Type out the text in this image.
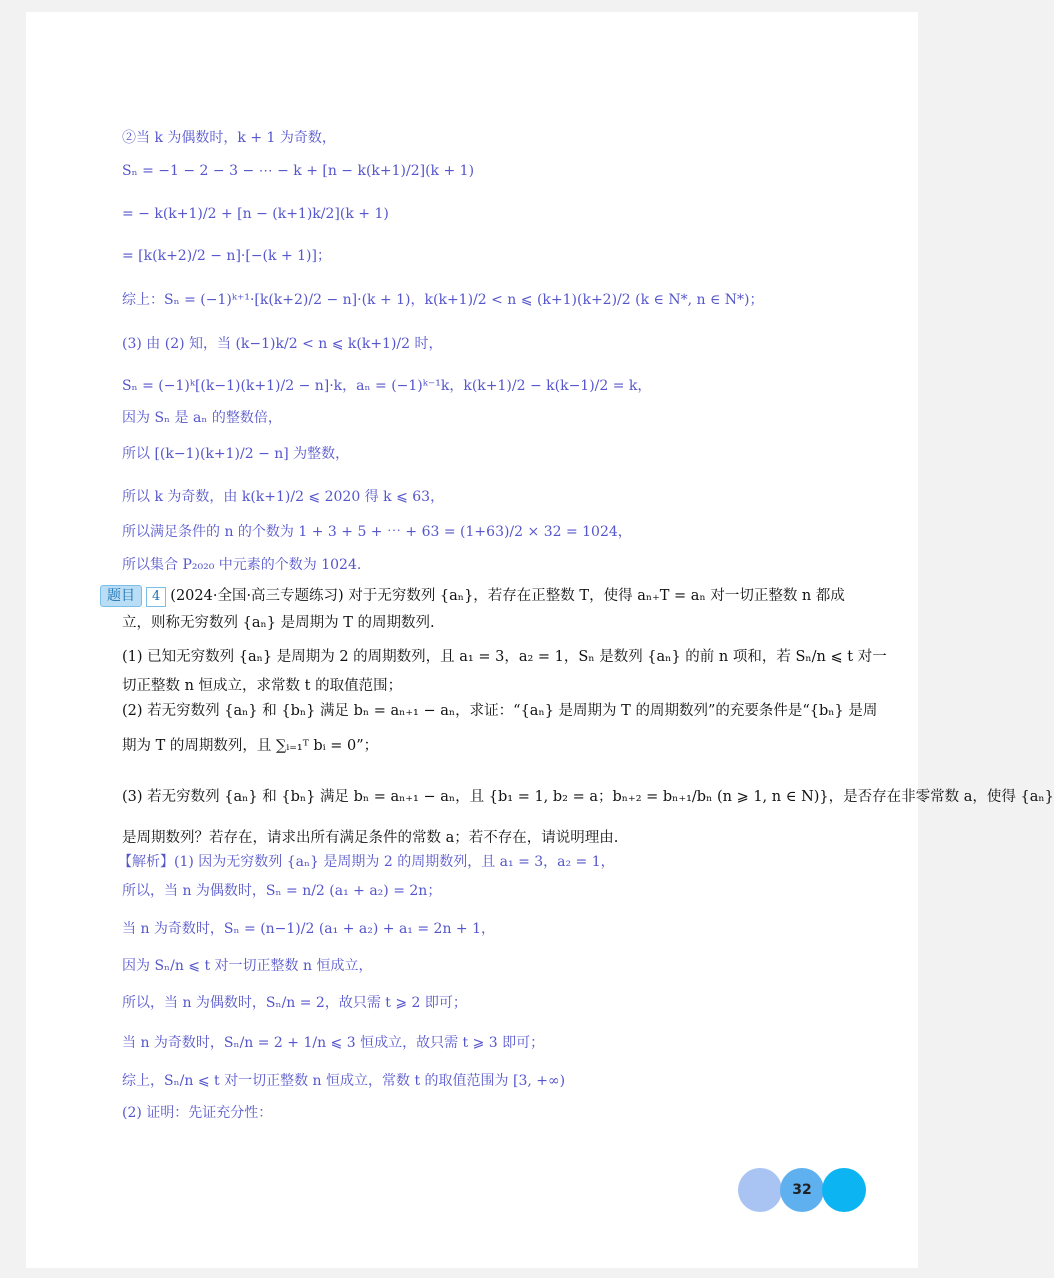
②当 k 为偶数时，k + 1 为奇数，
Sₙ = −1 − 2 − 3 − ⋯ − k + [n − k(k+1)/2](k + 1)
= − k(k+1)/2 + [n − (k+1)k/2](k + 1)
= [k(k+2)/2 − n]·[−(k + 1)]；
综上：Sₙ = (−1)ᵏ⁺¹·[k(k+2)/2 − n]·(k + 1)，k(k+1)/2 < n ⩽ (k+1)(k+2)/2 (k ∈ N*, n ∈ N*)；
(3) 由 (2) 知，当 (k−1)k/2 < n ⩽ k(k+1)/2 时，
Sₙ = (−1)ᵏ[(k−1)(k+1)/2 − n]·k，aₙ = (−1)ᵏ⁻¹k，k(k+1)/2 − k(k−1)/2 = k，
因为 Sₙ 是 aₙ 的整数倍，
所以 [(k−1)(k+1)/2 − n] 为整数，
所以 k 为奇数，由 k(k+1)/2 ⩽ 2020 得 k ⩽ 63，
所以满足条件的 n 的个数为 1 + 3 + 5 + ⋯ + 63 = (1+63)/2 × 32 = 1024，
所以集合 P₂₀₂₀ 中元素的个数为 1024.
题目 4 (2024·全国·高三专题练习) 对于无穷数列 {aₙ}，若存在正整数 T，使得 aₙ₊T = aₙ 对一切正整数 n 都成
立，则称无穷数列 {aₙ} 是周期为 T 的周期数列.
(1) 已知无穷数列 {aₙ} 是周期为 2 的周期数列，且 a₁ = 3，a₂ = 1，Sₙ 是数列 {aₙ} 的前 n 项和，若 Sₙ/n ⩽ t 对一
切正整数 n 恒成立，求常数 t 的取值范围；
(2) 若无穷数列 {aₙ} 和 {bₙ} 满足 bₙ = aₙ₊₁ − aₙ，求证：“{aₙ} 是周期为 T 的周期数列”的充要条件是“{bₙ} 是周
期为 T 的周期数列，且 ∑ᵢ₌₁ᵀ bᵢ = 0”；
(3) 若无穷数列 {aₙ} 和 {bₙ} 满足 bₙ = aₙ₊₁ − aₙ，且 {b₁ = 1, b₂ = a；bₙ₊₂ = bₙ₊₁/bₙ (n ⩾ 1, n ∈ N)}，是否存在非零常数 a，使得 {aₙ}
是周期数列？若存在，请求出所有满足条件的常数 a；若不存在，请说明理由.
【解析】(1) 因为无穷数列 {aₙ} 是周期为 2 的周期数列，且 a₁ = 3，a₂ = 1，
所以，当 n 为偶数时，Sₙ = n/2 (a₁ + a₂) = 2n；
当 n 为奇数时，Sₙ = (n−1)/2 (a₁ + a₂) + a₁ = 2n + 1，
因为 Sₙ/n ⩽ t 对一切正整数 n 恒成立，
所以，当 n 为偶数时，Sₙ/n = 2，故只需 t ⩾ 2 即可；
当 n 为奇数时，Sₙ/n = 2 + 1/n ⩽ 3 恒成立，故只需 t ⩾ 3 即可；
综上，Sₙ/n ⩽ t 对一切正整数 n 恒成立，常数 t 的取值范围为 [3, +∞)
(2) 证明：先证充分性：
32
